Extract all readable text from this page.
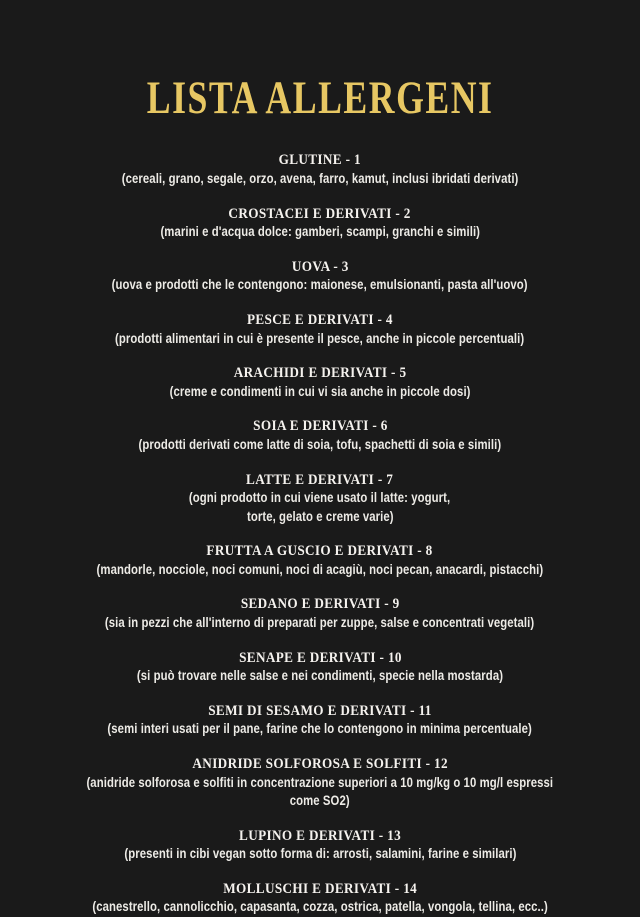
LISTA ALLERGENI
GLUTINE - 1
(cereali, grano, segale, orzo, avena, farro, kamut, inclusi ibridati derivati)
CROSTACEI E DERIVATI - 2
(marini e d'acqua dolce: gamberi, scampi, granchi e simili)
UOVA - 3
(uova e prodotti che le contengono: maionese, emulsionanti, pasta all'uovo)
PESCE E DERIVATI - 4
(prodotti alimentari in cui è presente il pesce, anche in piccole percentuali)
ARACHIDI E DERIVATI - 5
(creme e condimenti in cui vi sia anche in piccole dosi)
SOIA E DERIVATI - 6
(prodotti derivati come latte di soia, tofu, spachetti di soia e simili)
LATTE E DERIVATI - 7
(ogni prodotto in cui viene usato il latte: yogurt,
torte, gelato e creme varie)
FRUTTA A GUSCIO E DERIVATI - 8
(mandorle, nocciole, noci comuni, noci di acagiù, noci pecan, anacardi, pistacchi)
SEDANO E DERIVATI - 9
(sia in pezzi che all'interno di preparati per zuppe, salse e concentrati vegetali)
SENAPE E DERIVATI - 10
(si può trovare nelle salse e nei condimenti, specie nella mostarda)
SEMI DI SESAMO E DERIVATI - 11
(semi interi usati per il pane, farine che lo contengono in minima percentuale)
ANIDRIDE SOLFOROSA E SOLFITI - 12
(anidride solforosa e solfiti in concentrazione superiori a 10 mg/kg o 10 mg/l espressi
come SO2)
LUPINO E DERIVATI - 13
(presenti in cibi vegan sotto forma di: arrosti, salamini, farine e similari)
MOLLUSCHI E DERIVATI - 14
(canestrello, cannolicchio, capasanta, cozza, ostrica, patella, vongola, tellina, ecc..)
